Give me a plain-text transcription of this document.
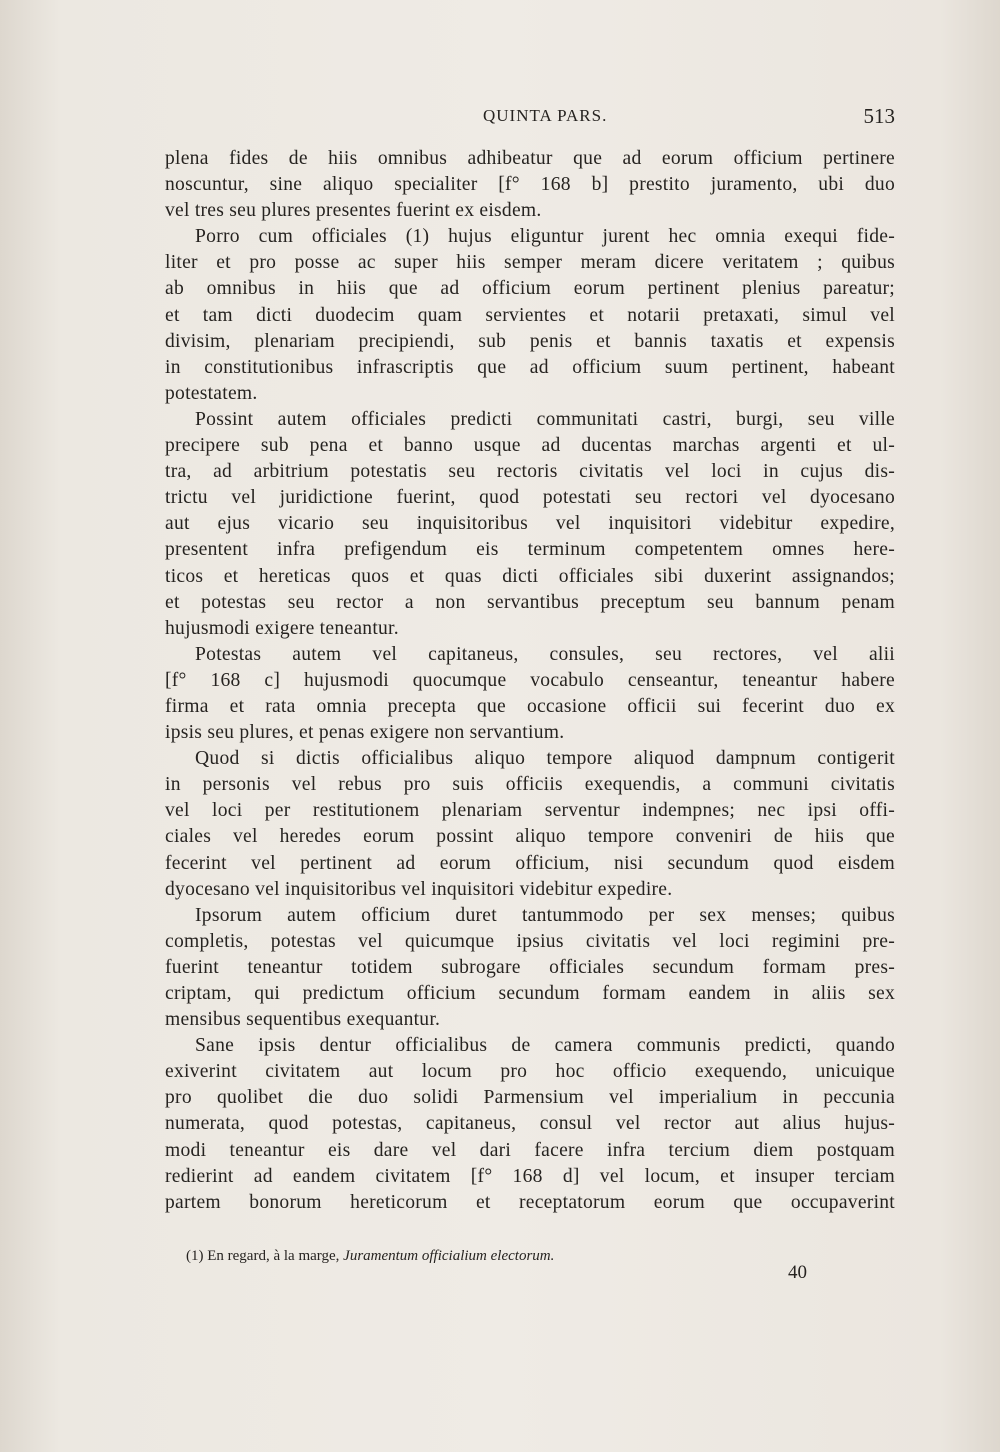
QUINTA PARS.	513
plena fides de hiis omnibus adhibeatur que ad eorum officium pertinere
noscuntur, sine aliquo specialiter [f° 168 b] prestito juramento, ubi duo
vel tres seu plures presentes fuerint ex eisdem.
Porro cum officiales (1) hujus eliguntur jurent hec omnia exequi fide-
liter et pro posse ac super hiis semper meram dicere veritatem ; quibus
ab omnibus in hiis que ad officium eorum pertinent plenius pareatur;
et tam dicti duodecim quam servientes et notarii pretaxati, simul vel
divisim, plenariam precipiendi, sub penis et bannis taxatis et expensis
in constitutionibus infrascriptis que ad officium suum pertinent, habeant
potestatem.
Possint autem officiales predicti communitati castri, burgi, seu ville
precipere sub pena et banno usque ad ducentas marchas argenti et ul-
tra, ad arbitrium potestatis seu rectoris civitatis vel loci in cujus dis-
trictu vel juridictione fuerint, quod potestati seu rectori vel dyocesano
aut ejus vicario seu inquisitoribus vel inquisitori videbitur expedire,
presentent infra prefigendum eis terminum competentem omnes here-
ticos et hereticas quos et quas dicti officiales sibi duxerint assignandos;
et potestas seu rector a non servantibus preceptum seu bannum penam
hujusmodi exigere teneantur.
Potestas autem vel capitaneus, consules, seu rectores, vel alii
[f° 168 c] hujusmodi quocumque vocabulo censeantur, teneantur habere
firma et rata omnia precepta que occasione officii sui fecerint duo ex
ipsis seu plures, et penas exigere non servantium.
Quod si dictis officialibus aliquo tempore aliquod dampnum contigerit
in personis vel rebus pro suis officiis exequendis, a communi civitatis
vel loci per restitutionem plenariam serventur indempnes; nec ipsi offi-
ciales vel heredes eorum possint aliquo tempore conveniri de hiis que
fecerint vel pertinent ad eorum officium, nisi secundum quod eisdem
dyocesano vel inquisitoribus vel inquisitori videbitur expedire.
Ipsorum autem officium duret tantummodo per sex menses; quibus
completis, potestas vel quicumque ipsius civitatis vel loci regimini pre-
fuerint teneantur totidem subrogare officiales secundum formam pres-
criptam, qui predictum officium secundum formam eandem in aliis sex
mensibus sequentibus exequantur.
Sane ipsis dentur officialibus de camera communis predicti, quando
exiverint civitatem aut locum pro hoc officio exequendo, unicuique
pro quolibet die duo solidi Parmensium vel imperialium in peccunia
numerata, quod potestas, capitaneus, consul vel rector aut alius hujus-
modi teneantur eis dare vel dari facere infra tercium diem postquam
redierint ad eandem civitatem [f° 168 d] vel locum, et insuper terciam
partem bonorum hereticorum et receptatorum eorum que occupaverint
(1) En regard, à la marge, Juramentum officialium electorum.
40
